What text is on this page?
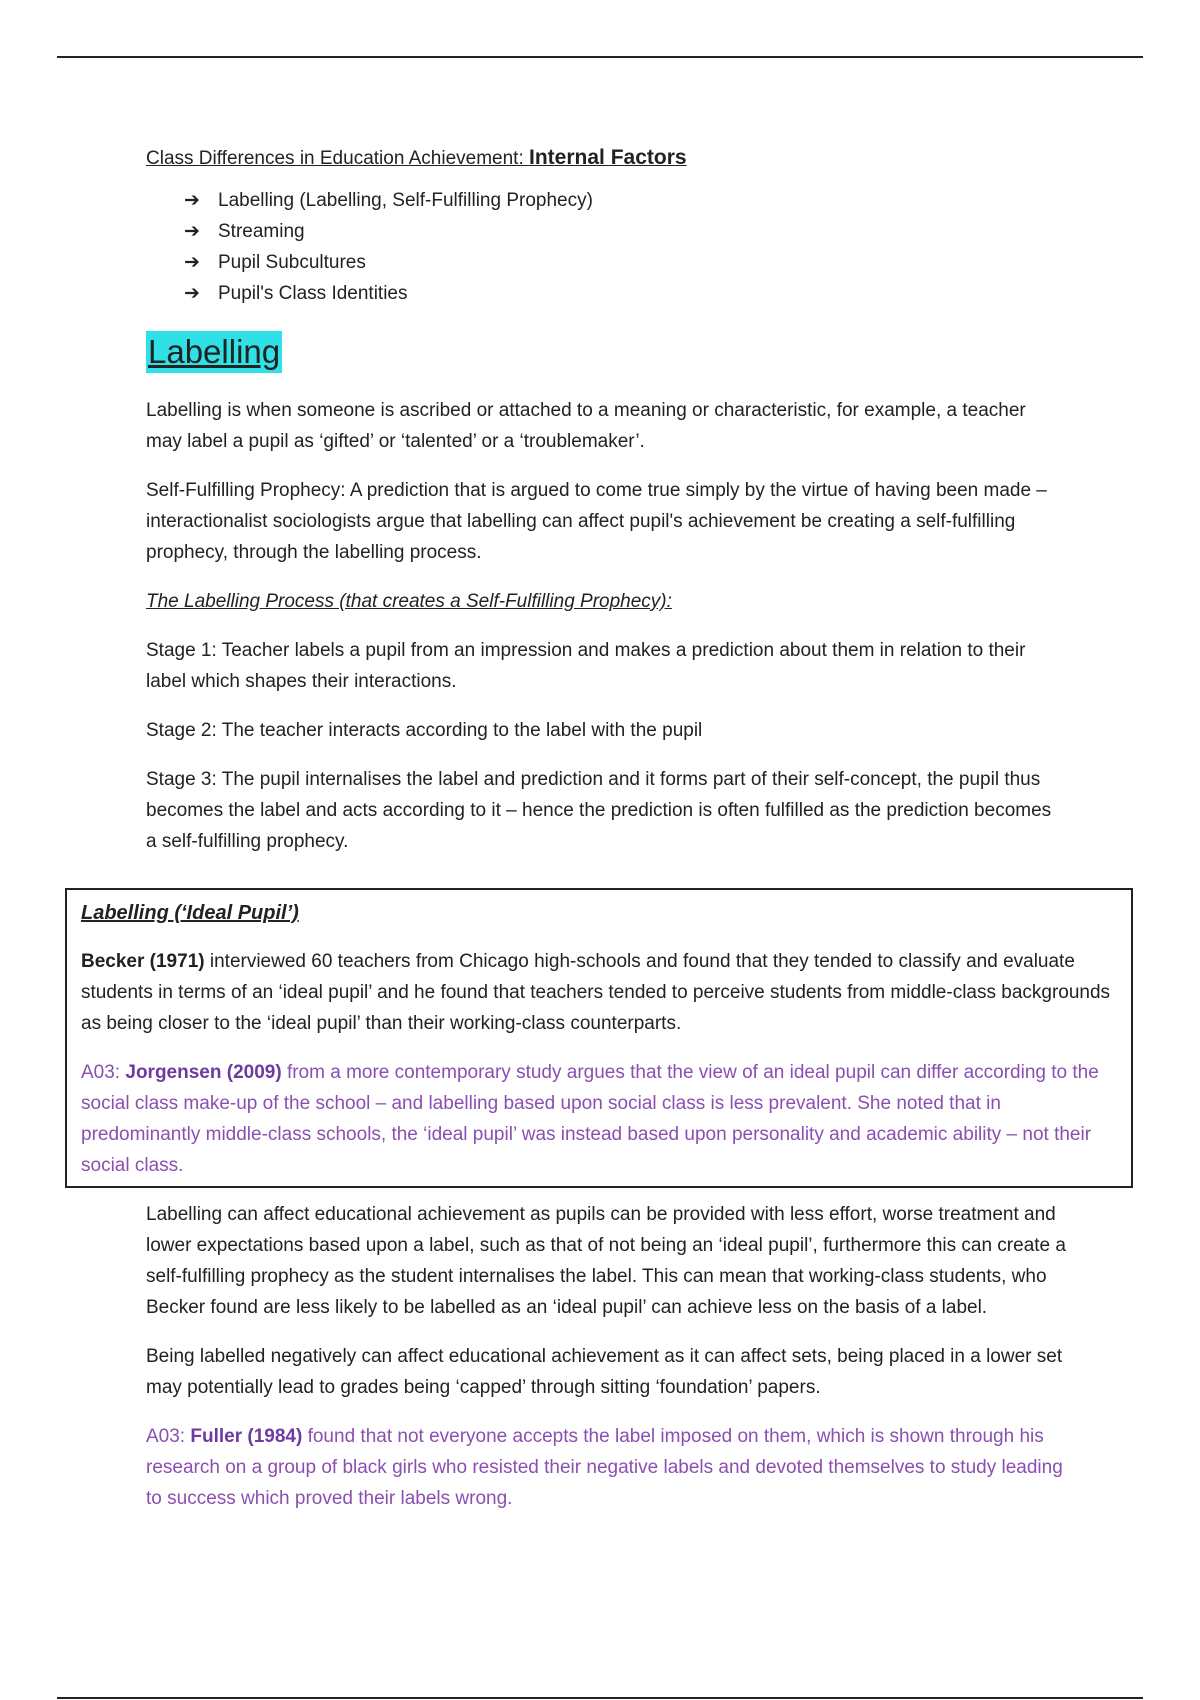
Class Differences in Education Achievement: Internal Factors

➔ Labelling (Labelling, Self-Fulfilling Prophecy)
➔ Streaming
➔ Pupil Subcultures
➔ Pupil's Class Identities
Labelling

Labelling is when someone is ascribed or attached to a meaning or characteristic, for example, a teacher may label a pupil as ‘gifted’ or ‘talented’ or a ‘troublemaker’.

Self-Fulfilling Prophecy: A prediction that is argued to come true simply by the virtue of having been made – interactionalist sociologists argue that labelling can affect pupil's achievement be creating a self-fulfilling prophecy, through the labelling process.

The Labelling Process (that creates a Self-Fulfilling Prophecy):

Stage 1: Teacher labels a pupil from an impression and makes a prediction about them in relation to their label which shapes their interactions.

Stage 2: The teacher interacts according to the label with the pupil

Stage 3: The pupil internalises the label and prediction and it forms part of their self-concept, the pupil thus becomes the label and acts according to it – hence the prediction is often fulfilled as the prediction becomes a self-fulfilling prophecy.

Labelling (‘Ideal Pupil’)

Becker (1971) interviewed 60 teachers from Chicago high-schools and found that they tended to classify and evaluate students in terms of an ‘ideal pupil’ and he found that teachers tended to perceive students from middle-class backgrounds as being closer to the ‘ideal pupil’ than their working-class counterparts.

A03: Jorgensen (2009) from a more contemporary study argues that the view of an ideal pupil can differ according to the social class make-up of the school – and labelling based upon social class is less prevalent. She noted that in predominantly middle-class schools, the ‘ideal pupil’ was instead based upon personality and academic ability – not their social class.

Labelling can affect educational achievement as pupils can be provided with less effort, worse treatment and lower expectations based upon a label, such as that of not being an ‘ideal pupil’, furthermore this can create a self-fulfilling prophecy as the student internalises the label. This can mean that working-class students, who Becker found are less likely to be labelled as an ‘ideal pupil’ can achieve less on the basis of a label.

Being labelled negatively can affect educational achievement as it can affect sets, being placed in a lower set may potentially lead to grades being ‘capped’ through sitting ‘foundation’ papers.

A03: Fuller (1984) found that not everyone accepts the label imposed on them, which is shown through his research on a group of black girls who resisted their negative labels and devoted themselves to study leading to success which proved their labels wrong.
